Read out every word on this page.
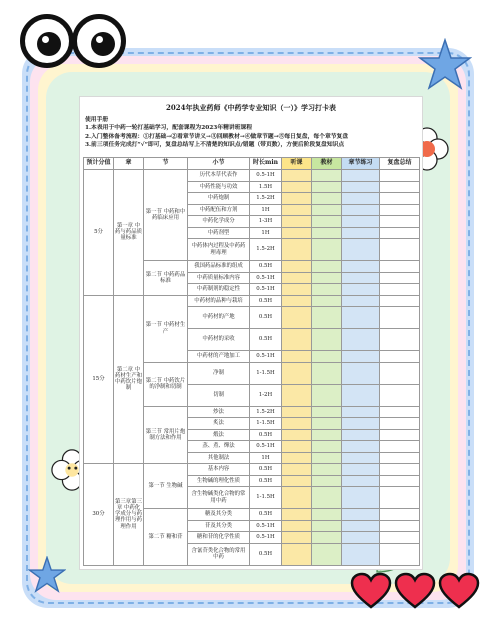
2024年执业药师《中药学专业知识（一）》学习打卡表
使用手册
1.本表用于中药一轮打基础学习，配套课程为2023年精讲班课程
2.入门整体备考流程：①打基础→②看章节讲义→③回顾教材→④做章节题→⑤每日复盘，每个章节复盘
3.前三项任务完成打“√”即可，复盘总结写上不清楚的知识点/错题（带页数），方便后阶段复盘知识点
预计分值	章	节	小节	时长min	听课	教材	章节练习	复盘总结
5分	第一章 中药与药品质量标准	第一节 中药和中药临床应用	历代本草代表作	0.5-1H				
			中药性能与功效	1.5H				
			中药炮制	1.5-2H				
			中药配伍和方剂	1H				
			中药化学成分	1-3H				
			中药剂型	1H				
			中药体内过程及中药药理毒理	1.5-2H				
		第二节 中药药品标准	我国药品标准的组成	0.5H				
			中药质量标准内容	0.5-1H				
			中药制剂的稳定性	0.5-1H				
15分	第二章 中药材生产和中药饮片炮制	第一节 中药材生产	中药材的品种与栽培	0.5H				
			中药材的产地	0.5H				
			中药材的采收	0.5H				
			中药材的产地加工	0.5-1H				
		第二节 中药饮片的净制和切制	净制	1-1.5H				
			切制	1-2H				
		第三节 常用片炮制方法和作用	炒法	1.5-2H				
			炙法	1-1.5H				
			煅法	0.5H				
			蒸、煮、燀法	0.5-1H				
			其他制法	1H				
30分	第三章第三章 中药化学成分与药理作用与药理作用	第一节 生物碱	基本内容	0.5H				
			生物碱的理化性质	0.5H				
			含生物碱类化合物的常用中药	1-1.5H				
		第二节 糖和苷	糖及其分类	0.5H				
			苷及其分类	0.5-1H				
			糖和苷的化学性质	0.5-1H				
			含氰苷类化合物的常用中药	0.5H				
